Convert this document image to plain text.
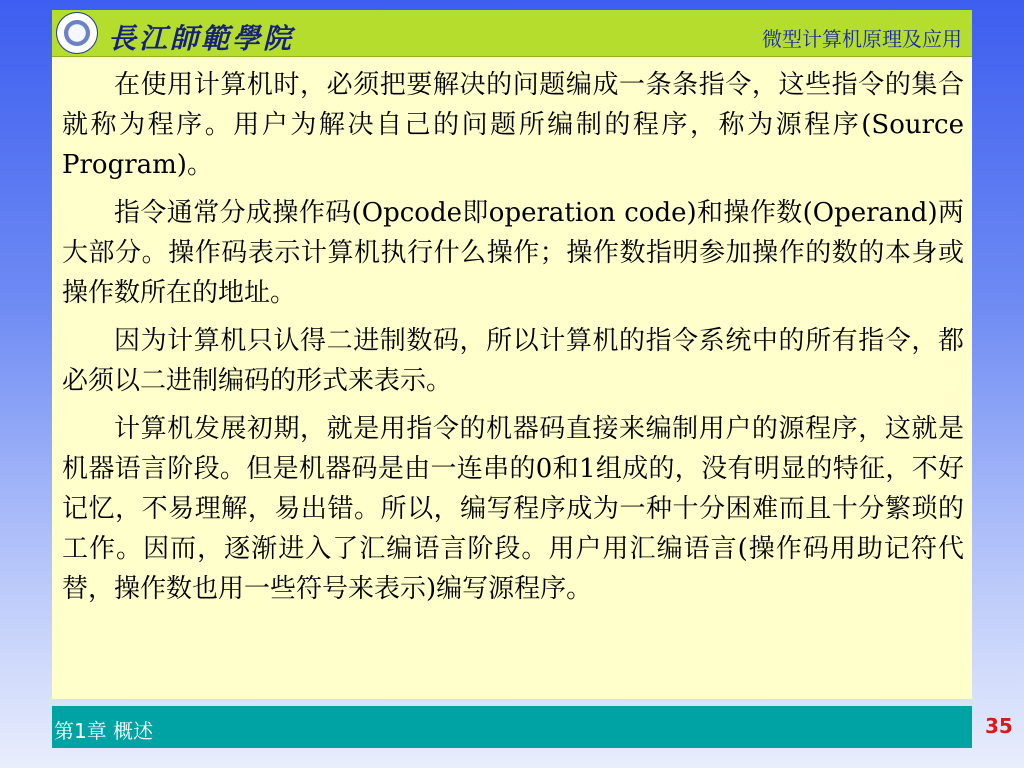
長江師範學院	微型计算机原理及应用

在使用计算机时，必须把要解决的问题编成一条条指令，这些指令的集合就称为程序。用户为解决自己的问题所编制的程序，称为源程序(Source Program)。

指令通常分成操作码(Opcode即operation code)和操作数(Operand)两大部分。操作码表示计算机执行什么操作；操作数指明参加操作的数的本身或操作数所在的地址。

因为计算机只认得二进制数码，所以计算机的指令系统中的所有指令，都必须以二进制编码的形式来表示。

计算机发展初期，就是用指令的机器码直接来编制用户的源程序，这就是机器语言阶段。但是机器码是由一连串的0和1组成的，没有明显的特征，不好记忆，不易理解，易出错。所以，编写程序成为一种十分困难而且十分繁琐的工作。因而，逐渐进入了汇编语言阶段。用户用汇编语言(操作码用助记符代替，操作数也用一些符号来表示)编写源程序。

第1章 概述	35
